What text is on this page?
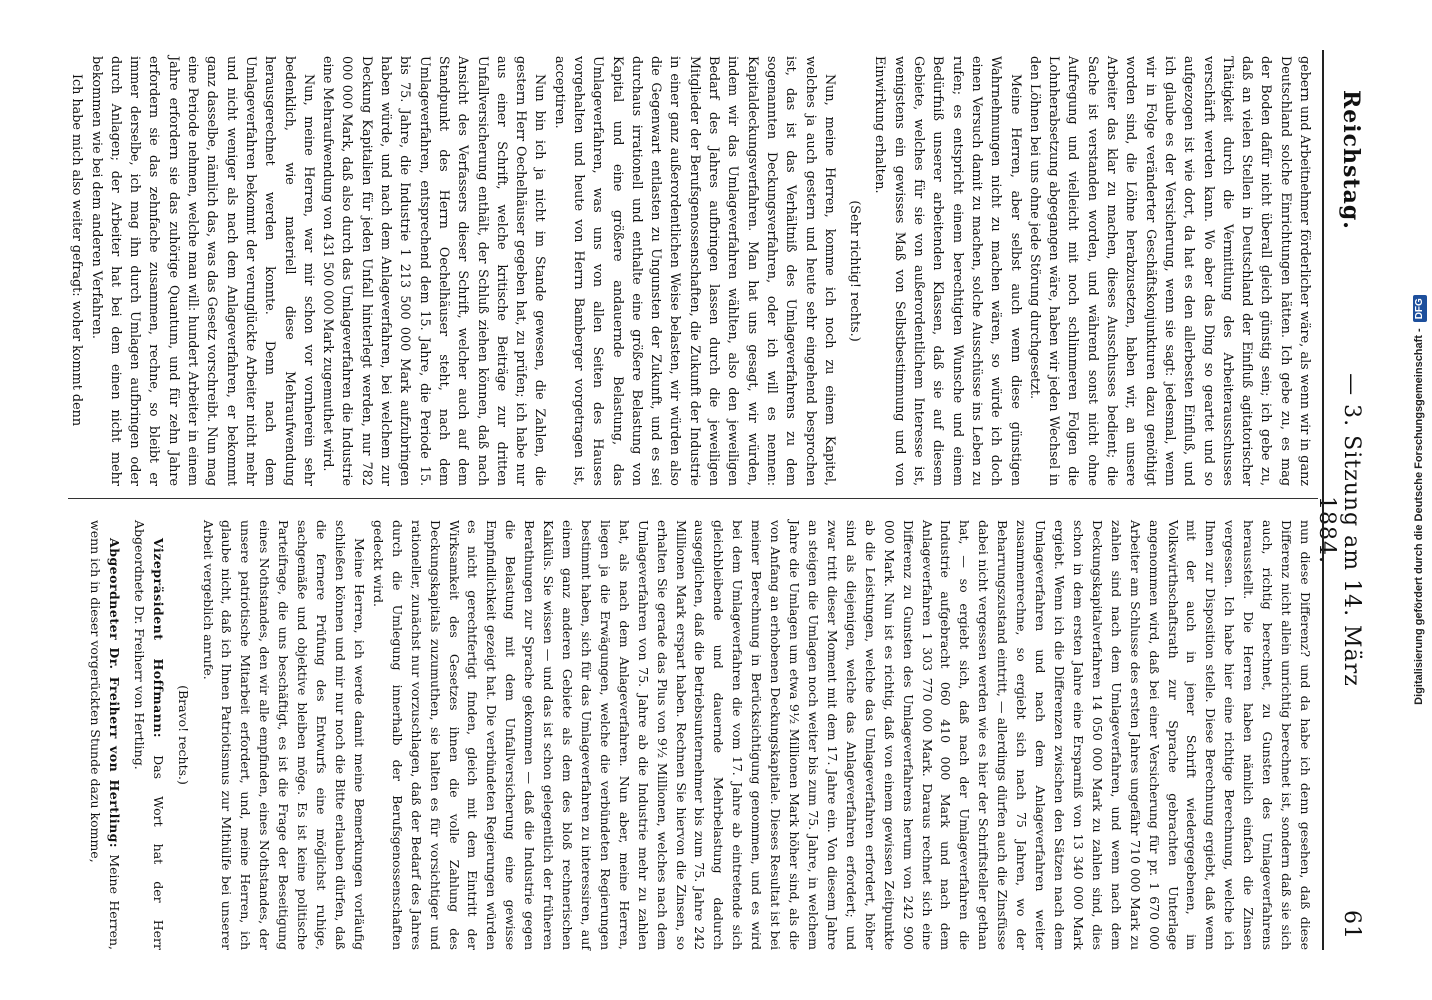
Reichstag.
— 3. Sitzung am 14. März 1884.
61

gebern und Arbeitnehmer förderlicher wäre, als wenn wir in ganz Deutschland solche Einrichtungen hätten. Ich gebe zu, es mag der Boden dafür nicht überall gleich günstig sein; ich gebe zu, daß an vielen Stellen in Deutschland der Einfluß agitatorischer Thätigkeit durch die Vermittlung des Arbeiterausschusses verschärft werden kann. Wo aber das Ding so geartet und so aufgezogen ist wie dort, da hat es den allerbesten Einfluß, und ich glaube es der Versicherung, wenn sie sagt: jedesmal, wenn wir in Folge veränderter Geschäftskonjunkturen dazu genöthigt worden sind, die Löhne herabzusetzen, haben wir, an unsere Arbeiter das klar zu machen, dieses Ausschusses bedient; die Sache ist verstanden worden, und während sonst nicht ohne Aufregung und vielleicht mit noch schlimmeren Folgen die Lohnherabsetzung abgegangen wäre, haben wir jeden Wechsel in den Löhnen bei uns ohne jede Störung durchgesetzt.

Meine Herren, aber selbst auch wenn diese günstigen Wahrnehmungen nicht zu machen wären, so würde ich doch einen Versuch damit zu machen, solche Ausschüsse ins Leben zu rufen; es entspricht einem berechtigten Wunsche und einem Bedürfniß unserer arbeitenden Klassen, daß sie auf diesem Gebiete, welches für sie von außerordentlichem Interesse ist, wenigstens ein gewisses Maß von Selbstbestimmung und von Einwirkung erhalten.

(Sehr richtig! rechts.)

Nun, meine Herren, komme ich noch zu einem Kapitel, welches ja auch gestern und heute sehr eingehend besprochen ist, das ist das Verhältniß des Umlageverfahrens zu dem sogenannten Deckungsverfahren, oder ich will es nennen: Kapitaldeckungsverfahren. Man hat uns gesagt, wir würden, indem wir das Umlageverfahren wählten, also den jeweiligen Bedarf des Jahres aufbringen lassen durch die jeweiligen Mitglieder der Berufsgenossenschaften, die Zukunft der Industrie in einer ganz außerordentlichen Weise belasten, wir würden also die Gegenwart entlasten zu Ungunsten der Zukunft, und es sei durchaus irrationell und enthalte eine größere Belastung von Kapital und eine größere andauernde Belastung, das Umlageverfahren, was uns von allen Seiten des Hauses vorgehalten und heute von Herrn Bamberger vorgetragen ist, acceptiren.

Nun bin ich ja nicht im Stande gewesen, die Zahlen, die gestern Herr Oechelhäuser gegeben hat, zu prüfen; ich habe nur aus einer Schrift, welche kritische Beiträge zur dritten Unfallversicherung enthält, der Schluß ziehen können, daß nach Ansicht des Verfassers dieser Schrift, welcher auch auf dem Standpunkt des Herrn Oechelhäuser steht, nach dem Umlageverfahren, entsprechend dem 15. Jahre, die Periode 15. bis 75. Jahre, die Industrie 1 213 500 000 Mark aufzubringen haben würde, und nach dem Anlageverfahren, bei welchem zur Deckung Kapitalien für jeden Unfall hinterlegt werden, nur 782 000 000 Mark, daß also durch das Umlageverfahren die Industrie eine Mehraufwendung von 431 500 000 Mark zugemuthet wird.

Nun, meine Herren, war mir schon vor vornherein sehr bedenklich, wie materiell diese Mehraufwendung herausgerechnet werden konnte. Denn nach dem Umlageverfahren bekommt der verunglückte Arbeiter nicht mehr und nicht weniger als nach dem Anlageverfahren, er bekommt ganz dasselbe, nämlich das, was das Gesetz vorschreibt. Nun mag eine Periode nehmen, welche man will: hundert Arbeiter in einem Jahre erfordern sie das zuhörige Quantum, und für zehn Jahre erfordern sie das zehnfache zusammen, rechne, so bleibt er immer derselbe, ich mag ihn durch Umlagen aufbringen oder durch Anlagen; der Arbeiter hat bei dem einen nicht mehr bekommen wie bei dem anderen Verfahren.

Ich habe mich also weiter gefragt: woher kommt denn

nun diese Differenz? und da habe ich denn gesehen, daß diese Differenz nicht allein unrichtig berechnet ist, sondern daß sie sich auch, richtig berechnet, zu Gunsten des Umlageverfahrens herausstellt. Die Herren haben nämlich einfach die Zinsen vergessen. Ich habe hier eine richtige Berechnung, welche ich Ihnen zur Disposition stelle. Diese Berechnung ergiebt, daß wenn mit der auch in jener Schrift wiedergegebenen, im Volkswirthschaftsrath zur Sprache gebrachten Unterlage angenommen wird, daß bei einer Versicherung für pr. 1 670 000 Arbeiter am Schlusse des ersten Jahres ungefähr 710 000 Mark zu zahlen sind nach dem Umlageverfahren, und wenn nach dem Deckungskapitalverfahren 14 050 000 Mark zu zahlen sind, dies schon in dem ersten Jahre eine Ersparniß von 13 340 000 Mark ergiebt. Wenn ich die Differenzen zwischen den Sätzen nach dem Umlageverfahren und nach dem Anlageverfahren weiter zusammenrechne, so ergiebt sich nach 75 Jahren, wo der Beharrungszustand eintritt, — allerdings dürfen auch die Zinsfüsse dabei nicht vergessen werden wie es hier der Schriftsteller gethan hat, — so ergiebt sich, daß nach der Umlageverfahren die Industrie aufgebracht 060 410 000 Mark und nach dem Anlageverfahren 1 303 770 000 Mark. Daraus rechnet sich eine Differenz zu Gunsten des Umlageverfahrens herum von 242 900 000 Mark. Nun ist es richtig, daß von einem gewissen Zeitpunkte ab die Leistungen, welche das Umlageverfahren erfordert, höher sind als diejenigen, welche das Anlageverfahren erfordert; und zwar tritt dieser Moment mit dem 17. Jahre ein. Von diesem Jahre an steigen die Umlagen noch weiter bis zum 75. Jahre, in welchem Jahre die Umlagen um etwa 9½ Millionen Mark höher sind, als die von Anfang an erhobenen Deckungskapitale. Dieses Resultat ist bei meiner Berechnung in Berücksichtigung genommen, und es wird bei dem Umlageverfahren die vom 17. Jahre ab eintretende sich gleichbleibende und dauernde Mehrbelastung dadurch ausgeglichen, daß die Betriebsunternehmer bis zum 75. Jahre 242 Millionen Mark erspart haben. Rechnen Sie hiervon die Zinsen, so erhalten Sie gerade das Plus von 9½ Millionen, welches nach dem Umlageverfahren von 75. Jahre ab die Industrie mehr zu zahlen hat, als nach dem Anlageverfahren. Nun aber, meine Herren, liegen ja die Erwägungen, welche die verbündeten Regierungen bestimmt haben, sich für das Umlageverfahren zu interessiren, auf einem ganz anderen Gebiete als dem des bloß rechnerischen Kalküls. Sie wissen — und das ist schon gelegentlich der früheren Berathungen zur Sprache gekommen — daß die Industrie gegen die Belastung mit dem Unfallversicherung eine gewisse Empfindlichkeit gezeigt hat. Die verbündeten Regierungen würden es nicht gerechtfertigt finden, gleich mit dem Eintritt der Wirksamkeit des Gesetzes ihnen die volle Zahlung des Deckungskapitals zuzumuthen, sie halten es für vorsichtiger und rationeller, zunächst nur vorzuschlagen, daß der Bedarf des Jahres durch die Umlegung innerhalb der Berufsgenossenschaften gedeckt wird.

Meine Herren, ich werde damit meine Bemerkungen vorläufig schließen können und mir nur noch die Bitte erlauben dürfen, daß die fernere Prüfung des Entwurfs eine möglichst ruhige, sachgemäße und objektive bleiben möge. Es ist keine politische Parteifrage, die uns beschäftigt, es ist die Frage der Beseitigung eines Nothstandes, den wir alle empfinden, eines Nothstandes, der unsere patriotische Mitarbeit erfordert, und, meine Herren, ich glaube nicht, daß ich Ihnen Patriotismus zur Mithülfe bei unserer Arbeit vergeblich anrufe.

(Bravo! rechts.)

Vizepräsident Hoffmann: Das Wort hat der Herr Abgeordnete Dr. Freiherr von Hertling.

Abgeordneter Dr. Freiherr von Hertling: Meine Herren, wenn ich in dieser vorgerückten Stunde dazu komme,	Digitalisierung gefördert durch die Deutsche Forschungsgemeinschaft -DFG
